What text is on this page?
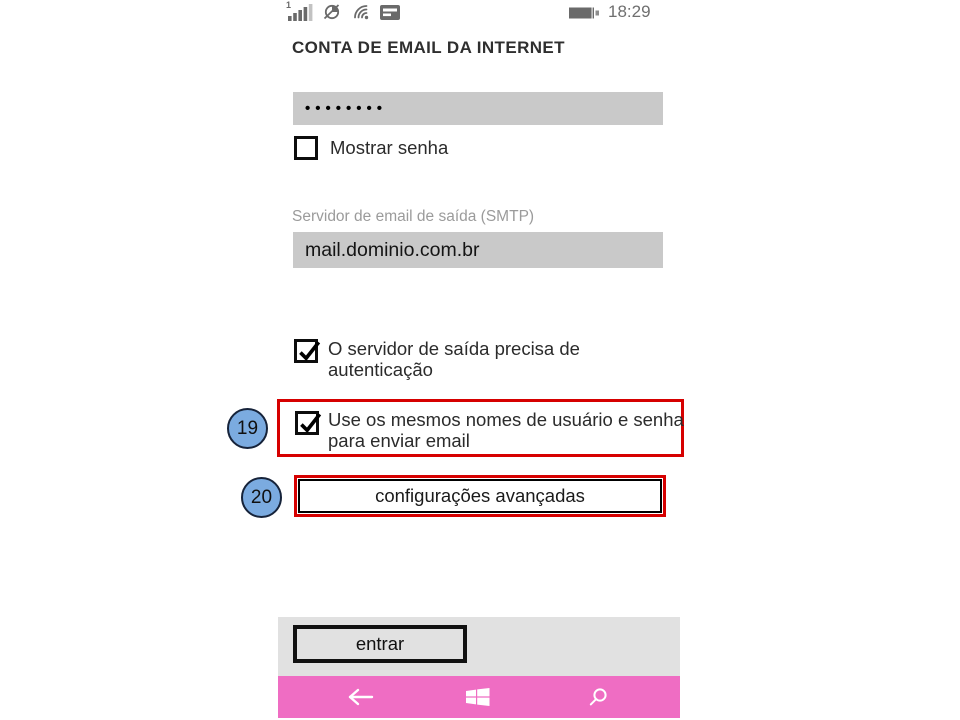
1	18:29
CONTA DE EMAIL DA INTERNET
••••••••
Mostrar senha
Servidor de email de saída (SMTP)
mail.dominio.com.br
O servidor de saída precisa de autenticação
Use os mesmos nomes de usuário e senha para enviar email
19
20	configurações avançadas
entrar
